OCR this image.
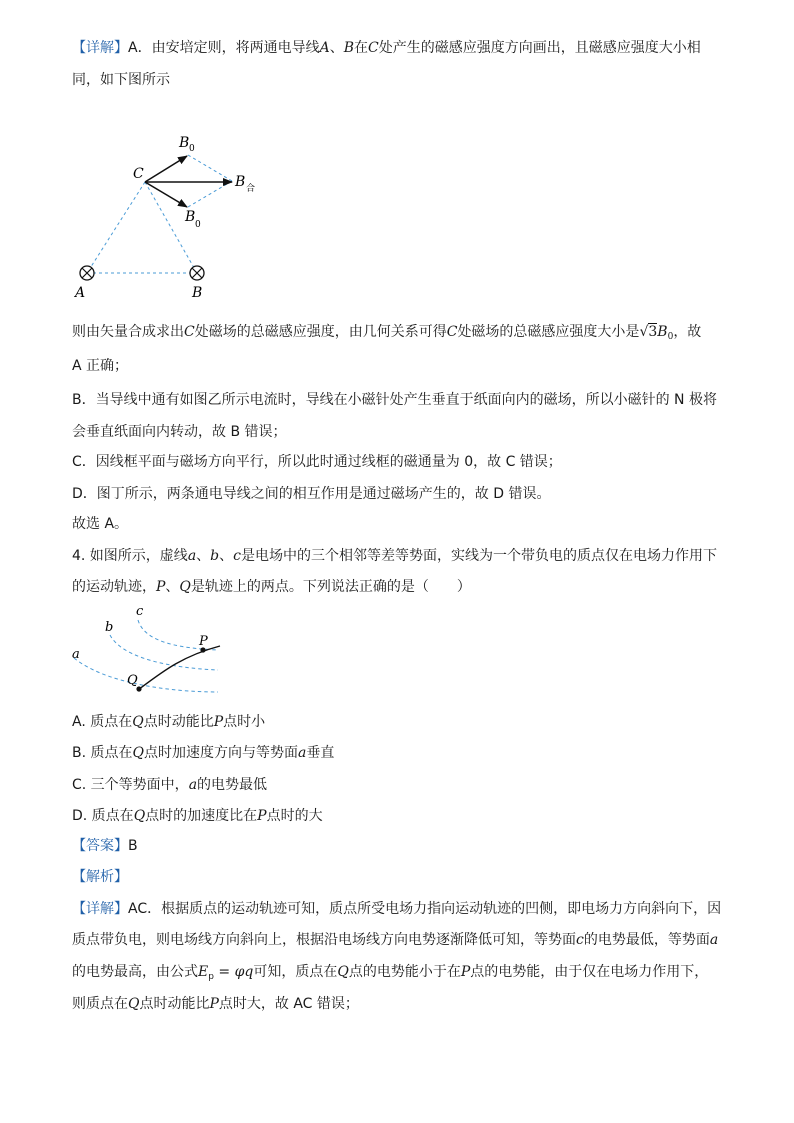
【详解】A．由安培定则，将两通电导线A、B在C处产生的磁感应强度方向画出，且磁感应强度大小相
同，如下图所示
C
B 0
B 合
B 0
A	B
则由矢量合成求出C处磁场的总磁感应强度，由几何关系可得C处磁场的总磁感应强度大小是$√3B_0$，故
A 正确；
B．当导线中通有如图乙所示电流时，导线在小磁针处产生垂直于纸面向内的磁场，所以小磁针的 N 极将
会垂直纸面向内转动，故 B 错误；
C．因线框平面与磁场方向平行，所以此时通过线框的磁通量为 0，故 C 错误；
D．图丁所示，两条通电导线之间的相互作用是通过磁场产生的，故 D 错误。
故选 A。
4. 如图所示，虚线a、b、c是电场中的三个相邻等差等势面，实线为一个带负电的质点仅在电场力作用下
的运动轨迹，P、Q是轨迹上的两点。下列说法正确的是（　　）
c
b
a
P
Q
A. 质点在Q点时动能比P点时小
B. 质点在Q点时加速度方向与等势面a垂直
C. 三个等势面中，a的电势最低
D. 质点在Q点时的加速度比在P点时的大
【答案】B
【解析】
【详解】AC．根据质点的运动轨迹可知，质点所受电场力指向运动轨迹的凹侧，即电场力方向斜向下，因
质点带负电，则电场线方向斜向上，根据沿电场线方向电势逐渐降低可知，等势面c的电势最低，等势面a
的电势最高，由公式$E_p = \varphi q$可知，质点在Q点的电势能小于在P点的电势能，由于仅在电场力作用下，
则质点在Q点时动能比P点时大，故 AC 错误；
